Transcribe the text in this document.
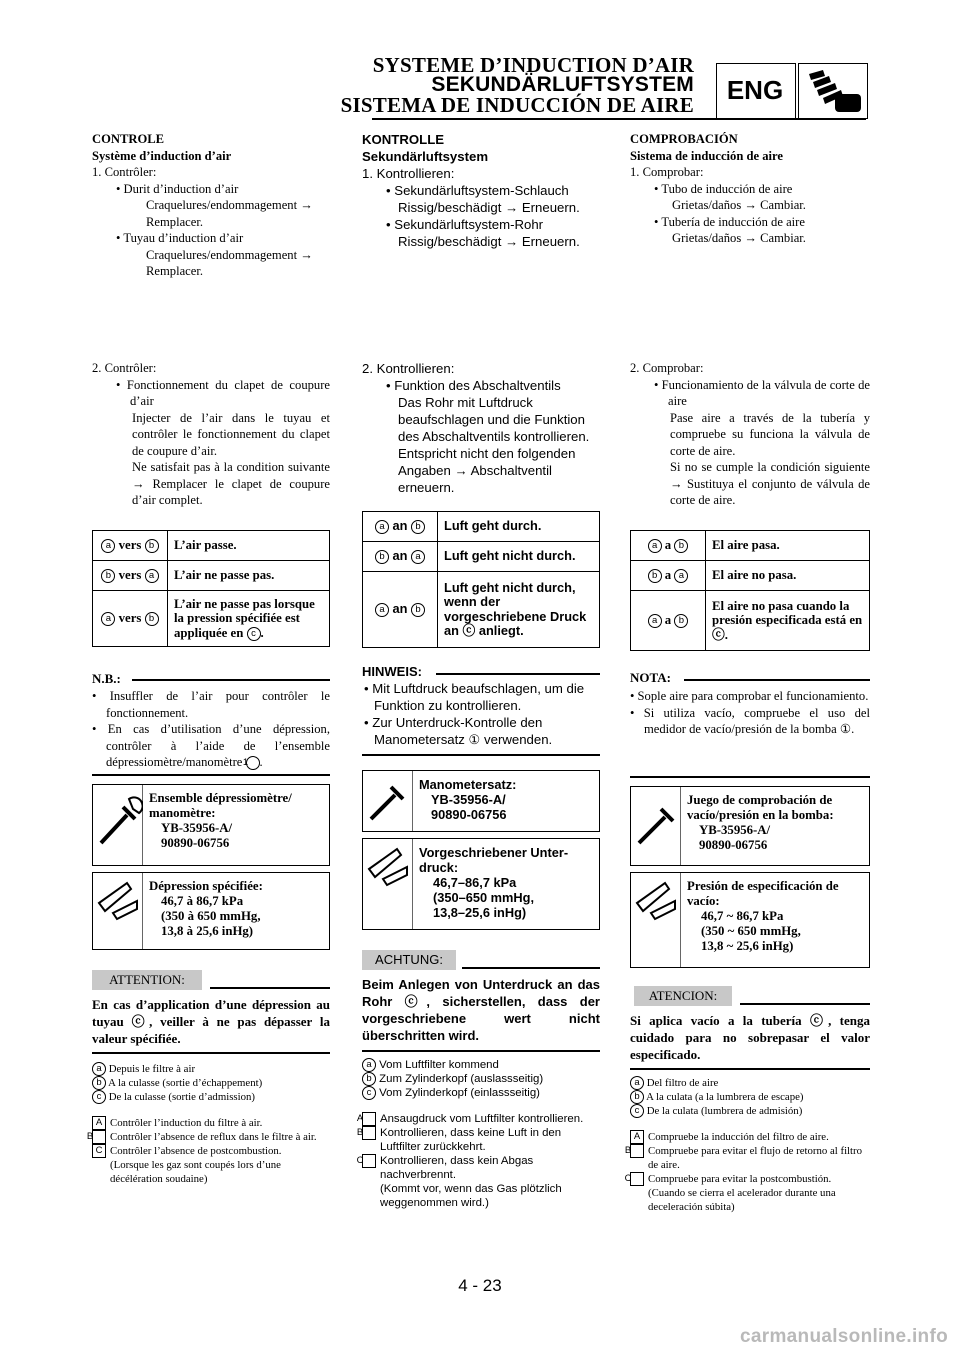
SYSTEME D’INDUCTION D’AIR
SEKUNDÄRLUFTSYSTEM
SISTEMA DE INDUCCIÓN DE AIRE	ENG
CONTROLE
Système d’induction d’air
1. Contrôler:
• Durit d’induction d’air
Craquelures/endommagement →
Remplacer.
• Tuyau d’induction d’air
Craquelures/endommagement →
Remplacer.
2. Contrôler:
• Fonctionnement du clapet de coupure d’air
Injecter de l’air dans le tuyau et contrôler le fonctionnement du clapet de coupure d’air.
Ne satisfait pas à la condition suivante → Remplacer le clapet de coupure d’air complet.
a vers b	L’air passe.
b vers a	L’air ne passe pas.
a vers b	L’air ne passe pas lorsque la pression spécifiée est appliquée en c .
N.B.:
• Insuffler de l’air pour contrôler le fonctionnement.
• En cas d’utilisation d’une dépression, contrôler à l’aide de l’ensemble dépressiomètre/manomètre 1 .
Ensemble dépressiomètre/
manomètre:
YB-35956-A/
90890-06756
Dépression spécifiée:
46,7 à 86,7 kPa
(350 à 650 mmHg,
13,8 à 25,6 inHg)
ATTENTION:
En cas d’application d’une dépression au tuyau ⓒ, veiller à ne pas dépasser la valeur spécifiée.
a Depuis le filtre à air
b A la culasse (sortie d’échappement)
c De la culasse (sortie d’admission)
A Contrôler l’induction du filtre à air.
B Contrôler l’absence de reflux dans le filtre à air.
C Contrôler l’absence de postcombustion.
(Lorsque les gaz sont coupés lors d’une décélération soudaine)
KONTROLLE
Sekundärluftsystem
1. Kontrollieren:
• Sekundärluftsystem-Schlauch
Rissig/beschädigt → Erneuern.
• Sekundärluftsystem-Rohr
Rissig/beschädigt → Erneuern.
2. Kontrollieren:
• Funktion des Abschaltventils
Das Rohr mit Luftdruck beaufschlagen und die Funktion des Abschaltventils kontrollieren.
Entspricht nicht den folgenden Angaben → Abschaltventil erneuern.
a an b	Luft geht durch.
b an a	Luft geht nicht durch.
a an b	Luft geht nicht durch, wenn der vorgeschriebene Druck an ⓒ anliegt.
HINWEIS:
• Mit Luftdruck beaufschlagen, um die Funktion zu kontrollieren.
• Zur Unterdruck-Kontrolle den Manometersatz ① verwenden.
Manometersatz:
YB-35956-A/
90890-06756
Vorgeschriebener Unter-
druck:
46,7–86,7 kPa
(350–650 mmHg,
13,8–25,6 inHg)
ACHTUNG:
Beim Anlegen von Unterdruck an das Rohr ⓒ, sicherstellen, dass der vorgeschriebene wert nicht überschritten wird.
a Vom Luftfilter kommend
b Zum Zylinderkopf (auslassseitig)
c Vom Zylinderkopf (einlassseitig)
A Ansaugdruck vom Luftfilter kontrollieren.
B Kontrollieren, dass keine Luft in den Luftfilter zurückkehrt.
C Kontrollieren, dass kein Abgas nachverbrennt.
(Kommt vor, wenn das Gas plötzlich weggenommen wird.)
COMPROBACIÓN
Sistema de inducción de aire
1. Comprobar:
• Tubo de inducción de aire
Grietas/daños → Cambiar.
• Tubería de inducción de aire
Grietas/daños → Cambiar.
2. Comprobar:
• Funcionamiento de la válvula de corte de aire
Pase aire a través de la tubería y compruebe su funciona la válvula de corte de aire.
Si no se cumple la condición siguiente → Sustituya el conjunto de válvula de corte de aire.
a a b	El aire pasa.
b a a	El aire no pasa.
a a b	El aire no pasa cuando la presión especificada está en ⓒ.
NOTA:
• Sople aire para comprobar el funcionamiento.
• Si utiliza vacío, compruebe el uso del medidor de vacío/presión de la bomba ①.
Juego de comprobación de
vacío/presión en la bomba:
YB-35956-A/
90890-06756
Presión de especificación de
vacío:
46,7 ~ 86,7 kPa
(350 ~ 650 mmHg,
13,8 ~ 25,6 inHg)
ATENCION:
Si aplica vacío a la tubería ⓒ, tenga cuidado para no sobrepasar el valor especificado.
a Del filtro de aire
b A la culata (a la lumbrera de escape)
c De la culata (lumbrera de admisión)
A Compruebe la inducción del filtro de aire.
B Compruebe para evitar el flujo de retorno al filtro de aire.
C Compruebe para evitar la postcombustión.
(Cuando se cierra el acelerador durante una deceleración súbita)
4 - 23
carmanualsonline.info
